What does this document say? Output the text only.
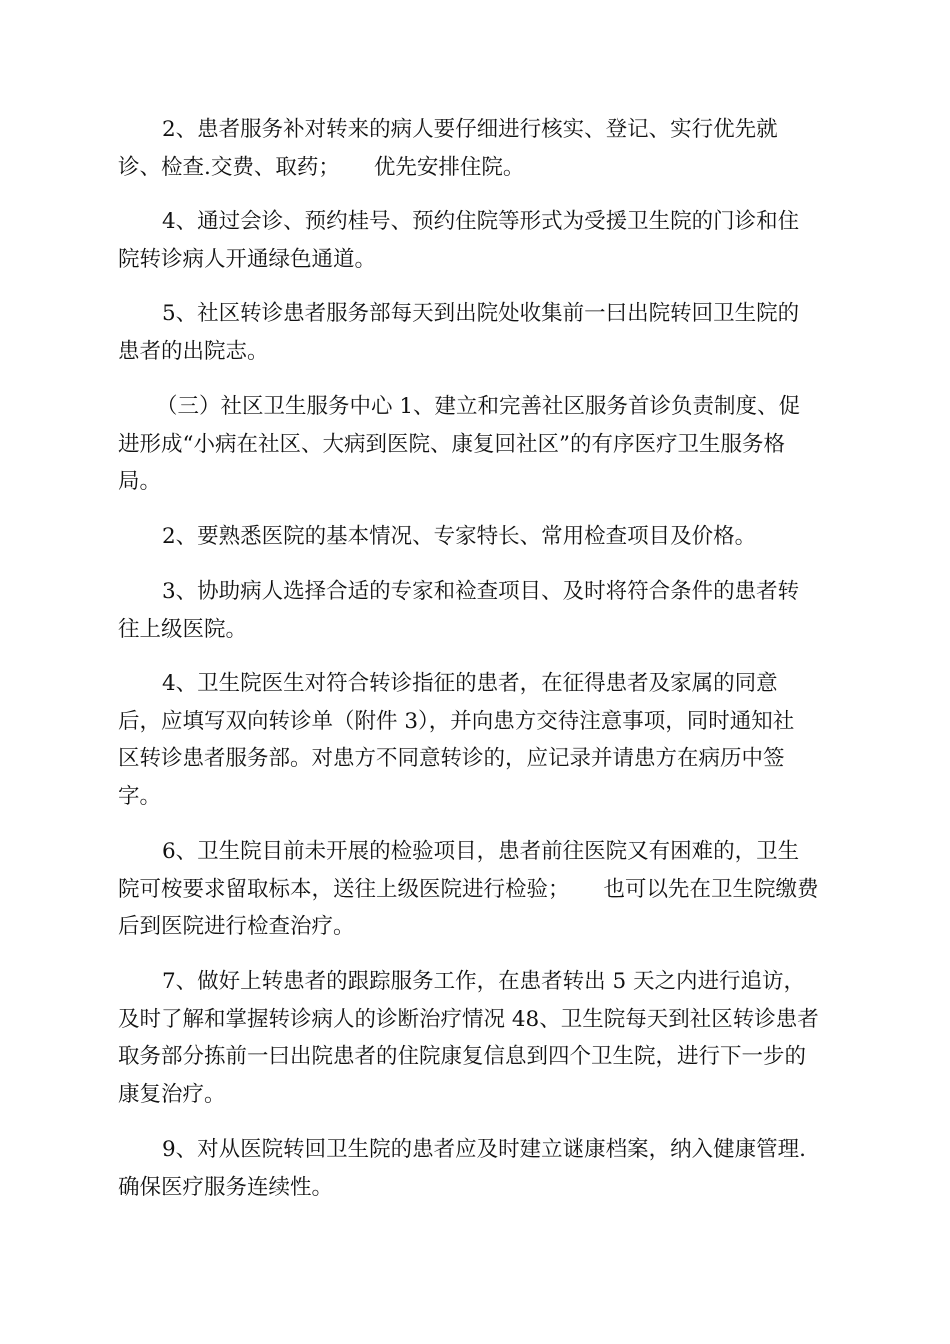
2、患者服务补对转来的病人要仔细进行核实、登记、实行优先就
诊、检查.交费、取药； 优先安排住院。

4、通过会诊、预约桂号、预约住院等形式为受援卫生院的门诊和住
院转诊病人开通绿色通道。

5、社区转诊患者服务部每天到出院处收集前一曰出院转回卫生院的
患者的出院志。

（三）社区卫生服务中心 1、建立和完善社区服务首诊负责制度、促
进形成“小病在社区、大病到医院、康复回社区”的有序医疗卫生服务格
局。

2、要熟悉医院的基本情况、专家特长、常用检查项目及价格。

3、协助病人选择合适的专家和裣查项目、及时将符合条件的患者转
往上级医院。

4、卫生院医生对符合转诊指征的患者，在征得患者及家属的同意
后，应填写双向转诊单（附件 3），并向患方交待注意事项，同时通知社
区转诊患者服务部。对患方不同意转诊的，应记录并请患方在病历中签
字。

6、卫生院目前未开展的检验项目，患者前往医院又有困难的，卫生
院可桉要求留取标本，送往上级医院进行检验； 也可以先在卫生院缴费
后到医院进行检查治疗。

7、做好上转患者的跟踪服务工作，在患者转出 5 天之内进行追访，
及时了解和掌握转诊病人的诊断治疗情况 48、卫生院每天到社区转诊患者
取务部分拣前一曰出院患者的住院康复信息到四个卫生院，进行下一步的
康复治疗。

9、对从医院转回卫生院的患者应及时建立谜康档案，纳入健康管理.
确保医疗服务连续性。
